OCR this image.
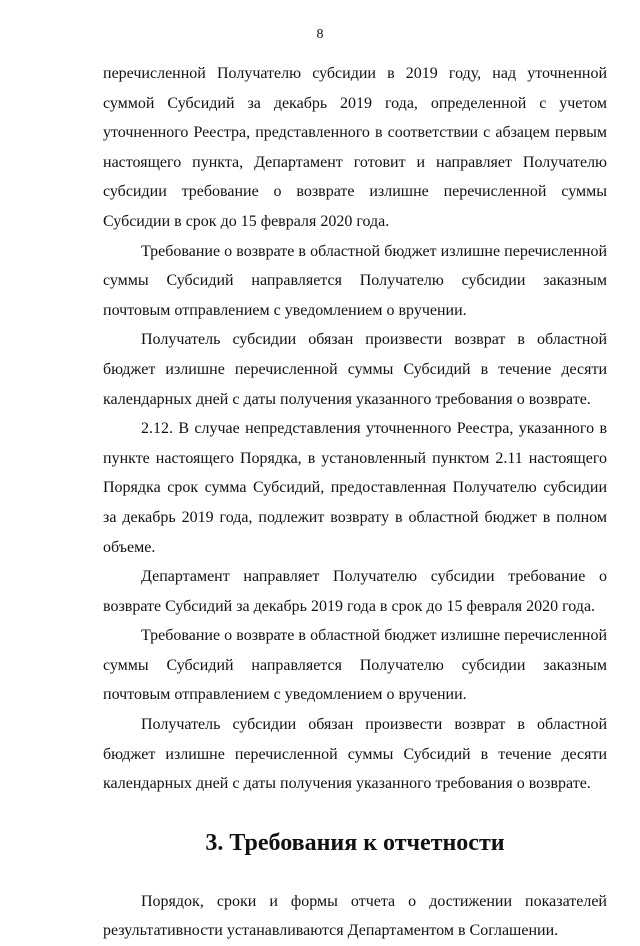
8

перечисленной Получателю субсидии в 2019 году, над уточненной суммой Субсидий за декабрь 2019 года, определенной с учетом уточненного Реестра, представленного в соответствии с абзацем первым настоящего пункта, Департамент готовит и направляет Получателю субсидии требование о возврате излишне перечисленной суммы Субсидии в срок до 15 февраля 2020 года.

Требование о возврате в областной бюджет излишне перечисленной суммы Субсидий направляется Получателю субсидии заказным почтовым отправлением с уведомлением о вручении.

Получатель субсидии обязан произвести возврат в областной бюджет излишне перечисленной суммы Субсидий в течение десяти календарных дней с даты получения указанного требования о возврате.

2.12. В случае непредставления уточненного Реестра, указанного в пункте настоящего Порядка, в установленный пунктом 2.11 настоящего Порядка срок сумма Субсидий, предоставленная Получателю субсидии за декабрь 2019 года, подлежит возврату в областной бюджет в полном объеме.

Департамент направляет Получателю субсидии требование о возврате Субсидий за декабрь 2019 года в срок до 15 февраля 2020 года.

Требование о возврате в областной бюджет излишне перечисленной суммы Субсидий направляется Получателю субсидии заказным почтовым отправлением с уведомлением о вручении.

Получатель субсидии обязан произвести возврат в областной бюджет излишне перечисленной суммы Субсидий в течение десяти календарных дней с даты получения указанного требования о возврате.

3. Требования к отчетности

Порядок, сроки и формы отчета о достижении показателей результативности устанавливаются Департаментом в Соглашении.
